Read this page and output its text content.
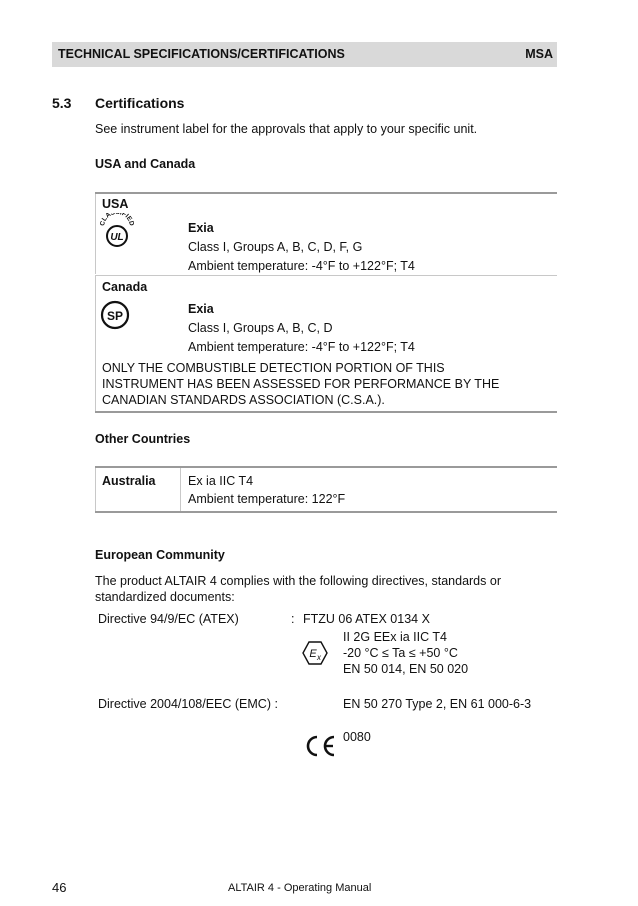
TECHNICAL SPECIFICATIONS/CERTIFICATIONS	MSA
5.3 Certifications
See instrument label for the approvals that apply to your specific unit.
USA and Canada
USA
CLAS IFIED
UL
Exia
Class I, Groups A, B, C, D, F, G
Ambient temperature: -4°F to +122°F; T4
Canada
SP	Exia
Class I, Groups A, B, C, D
Ambient temperature: -4°F to +122°F; T4
ONLY THE COMBUSTIBLE DETECTION PORTION OF THIS
INSTRUMENT HAS BEEN ASSESSED FOR PERFORMANCE BY THE
CANADIAN STANDARDS ASSOCIATION (C.S.A.).
Other Countries
Australia	Ex ia IIC T4
Ambient temperature: 122°F
European Community
The product ALTAIR 4 complies with the following directives, standards or
standardized documents:
Directive 94/9/EC (ATEX)	: FTZU 06 ATEX 0134 X
II 2G EEx ia IIC T4
-20 °C ≤ Ta ≤ +50 °C
EN 50 014, EN 50 020
E x
Directive 2004/108/EEC (EMC) :	EN 50 270 Type 2, EN 61 000-6-3
0080
46	ALTAIR 4 - Operating Manual
